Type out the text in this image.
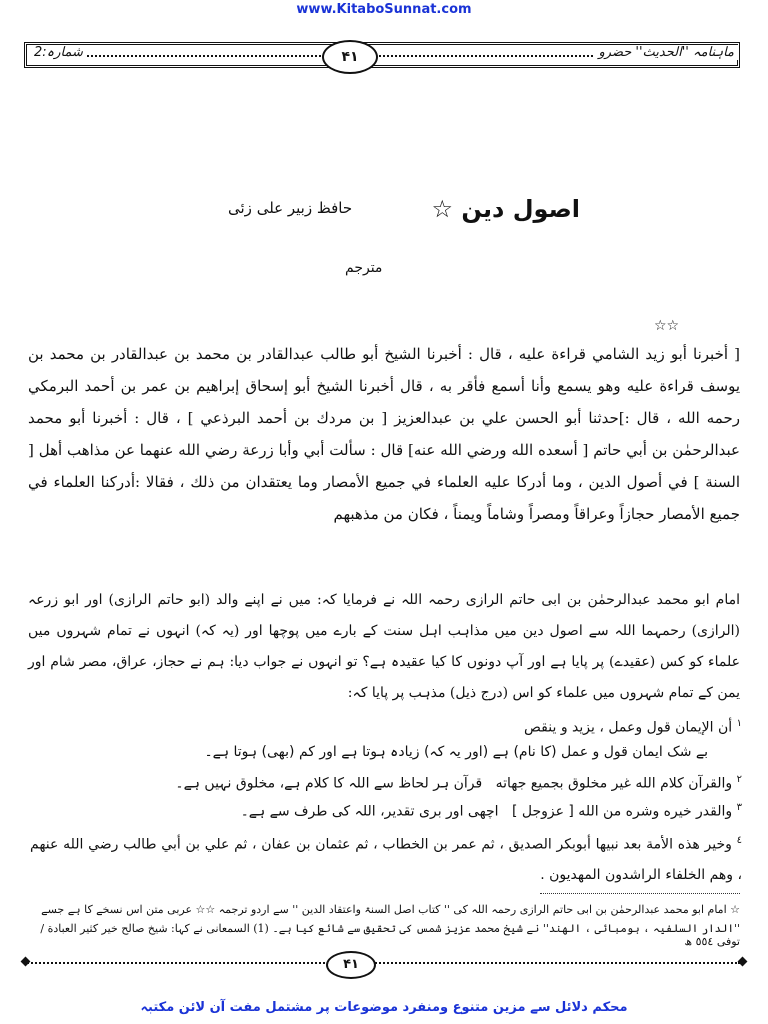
www.KitaboSunnat.com
ماہنامہ ''الحدیث'' حضرو
شمارہ:2	۴۱
اصول دين ☆
حافظ زبیر علی زئی
مترجم
☆☆
[ أخبرنا أبو زيد الشامي قراءة عليه ، قال : أخبرنا الشيخ أبو طالب عبدالقادر بن محمد بن عبدالقادر بن محمد بن يوسف قراءة عليه وهو يسمع وأنا أسمع فأقر به ، قال أخبرنا الشيخ أبو إسحاق إبراهيم بن عمر بن أحمد البرمكي رحمه الله ، قال :]حدثنا أبو الحسن علي بن عبدالعزيز [ بن مردك بن أحمد البرذعي ] ، قال : أخبرنا أبو محمد عبدالرحمٰن بن أبي حاتم [ أسعده الله ورضي الله عنه] قال : سألت أبي وأبا زرعة رضي الله عنهما عن مذاهب أهل [ السنة ] في أصول الدين ، وما أدركا عليه العلماء في جميع الأمصار وما يعتقدان من ذلك ، فقالا :أدركنا العلماء في جميع الأمصار حجازاً وعراقاً ومصراً وشاماً ويمناً ، فكان من مذهبهم
امام ابو محمد عبدالرحمٰن بن ابی حاتم الرازی رحمہ اللہ نے فرمایا کہ: میں نے اپنے والد (ابو حاتم الرازی) اور ابو زرعہ (الرازی) رحمہما اللہ سے اصول دین میں مذاہب اہل سنت کے بارے میں پوچھا اور (یہ کہ) انہوں نے تمام شہروں میں علماء کو کس (عقیدے) پر پایا ہے اور آپ دونوں کا کیا عقیدہ ہے؟ تو انہوں نے جواب دیا: ہم نے حجاز، عراق، مصر شام اور یمن کے تمام شہروں میں علماء کو اس (درج ذیل) مذہب پر پایا کہ:
$^١$ أن الإيمان قول وعمل ، يزيد و ينقص
بے شک ایمان قول و عمل (کا نام) ہے (اور یہ کہ) زیادہ ہوتا ہے اور کم (بھی) ہوتا ہے۔
$^٢$ والقرآن كلام الله غير مخلوق بجميع جهاته   قرآن ہر لحاظ سے اللہ کا کلام ہے، مخلوق نہیں ہے۔
$^٣$ والقدر خيره وشره من الله [ عزوجل ]   اچھی اور بری تقدیر، اللہ کی طرف سے ہے۔
$^٤$ وخير هذه الأمة بعد نبيها أبوبكر الصديق ، ثم عمر بن الخطاب ، ثم عثمان بن عفان ، ثم علي بن أبي طالب رضي الله عنهم ، وهم الخلفاء الراشدون المهديون .
☆ امام ابو محمد عبدالرحمٰن بن ابی حاتم الرازی رحمہ اللہ کی '' کتاب اصل السنۃ واعتقاد الدین '' سے اردو ترجمہ ☆☆ عربی متن اس نسخے کا ہے جسے
''الدار السلفیہ ، بومبائی ، الھند'' نے شیخ محمد عزیز شمس کی تحقیق سے شائع کیا ہے۔ (1) السمعانی نے کہا: شیخ صالح خیر كثير العبادة / توفی ٥٥٤ ھ
۴۱
محکم دلائل سے مزین متنوع ومنفرد موضوعات پر مشتمل مفت آن لائن مکتبہ
